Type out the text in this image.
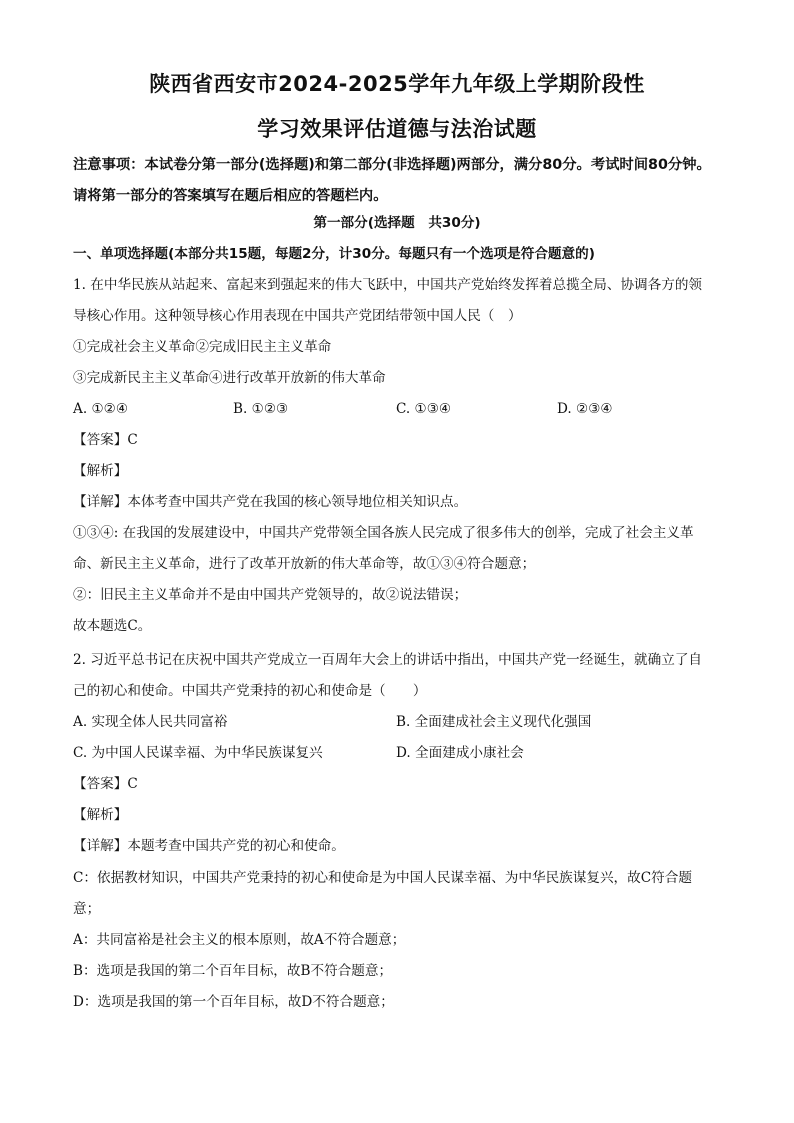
陕西省西安市2024-2025学年九年级上学期阶段性
学习效果评估道德与法治试题
注意事项：本试卷分第一部分(选择题)和第二部分(非选择题)两部分，满分80分。考试时间80分钟。请将第一部分的答案填写在题后相应的答题栏内。
第一部分(选择题　共30分)
一、单项选择题(本部分共15题，每题2分，计30分。每题只有一个选项是符合题意的)
1. 在中华民族从站起来、富起来到强起来的伟大飞跃中，中国共产党始终发挥着总揽全局、协调各方的领
导核心作用。这种领导核心作用表现在中国共产党团结带领中国人民（　）
①完成社会主义革命②完成旧民主主义革命
③完成新民主主义革命④进行改革开放新的伟大革命
A. ①②④	B. ①②③	C. ①③④	D. ②③④
【答案】C
【解析】
【详解】本体考查中国共产党在我国的核心领导地位相关知识点。
①③④: 在我国的发展建设中，中国共产党带领全国各族人民完成了很多伟大的创举，完成了社会主义革
命、新民主主义革命，进行了改革开放新的伟大革命等，故①③④符合题意；
②：旧民主主义革命并不是由中国共产党领导的，故②说法错误；
故本题选C。
2. 习近平总书记在庆祝中国共产党成立一百周年大会上的讲话中指出，中国共产党一经诞生，就确立了自
己的初心和使命。中国共产党秉持的初心和使命是（　　）
A. 实现全体人民共同富裕	B. 全面建成社会主义现代化强国
C. 为中国人民谋幸福、为中华民族谋复兴	D. 全面建成小康社会
【答案】C
【解析】
【详解】本题考查中国共产党的初心和使命。
C：依据教材知识，中国共产党秉持的初心和使命是为中国人民谋幸福、为中华民族谋复兴，故C符合题
意；
A：共同富裕是社会主义的根本原则，故A不符合题意；
B：选项是我国的第二个百年目标，故B不符合题意；
D：选项是我国的第一个百年目标，故D不符合题意；
